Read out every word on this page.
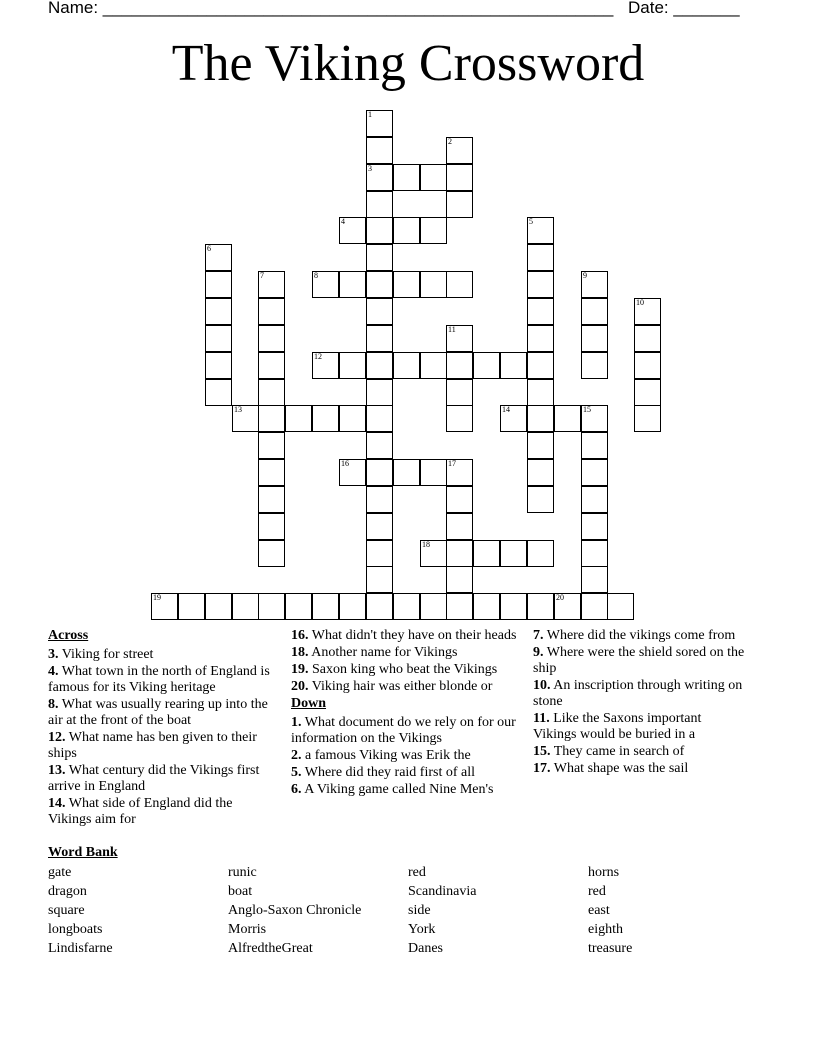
Name: ______________________________________________________ Date: _______
The Viking Crossword
3
4
8
12
13	14	15
16	17
18
19	20
1
2
5
6
7	9
10
11
Across
3. Viking for street
4. What town in the north of England is famous for its Viking heritage
8. What was usually rearing up into the air at the front of the boat
12. What name has ben given to their ships
13. What century did the Vikings first arrive in England
14. What side of England did the Vikings aim for
16. What didn't they have on their heads
18. Another name for Vikings
19. Saxon king who beat the Vikings
20. Viking hair was either blonde or
Down
1. What document do we rely on for our information on the Vikings
2. a famous Viking was Erik the
5. Where did they raid first of all
6. A Viking game called Nine Men's
7. Where did the vikings come from
9. Where were the shield sored on the ship
10. An inscription through writing on stone
11. Like the Saxons important Vikings would be buried in a
15. They came in search of
17. What shape was the sail
Word Bank
gate
dragon
square
longboats
Lindisfarne
runic
boat
Anglo-Saxon Chronicle
Morris
AlfredtheGreat
red
Scandinavia
side
York
Danes
horns
red
east
eighth
treasure
